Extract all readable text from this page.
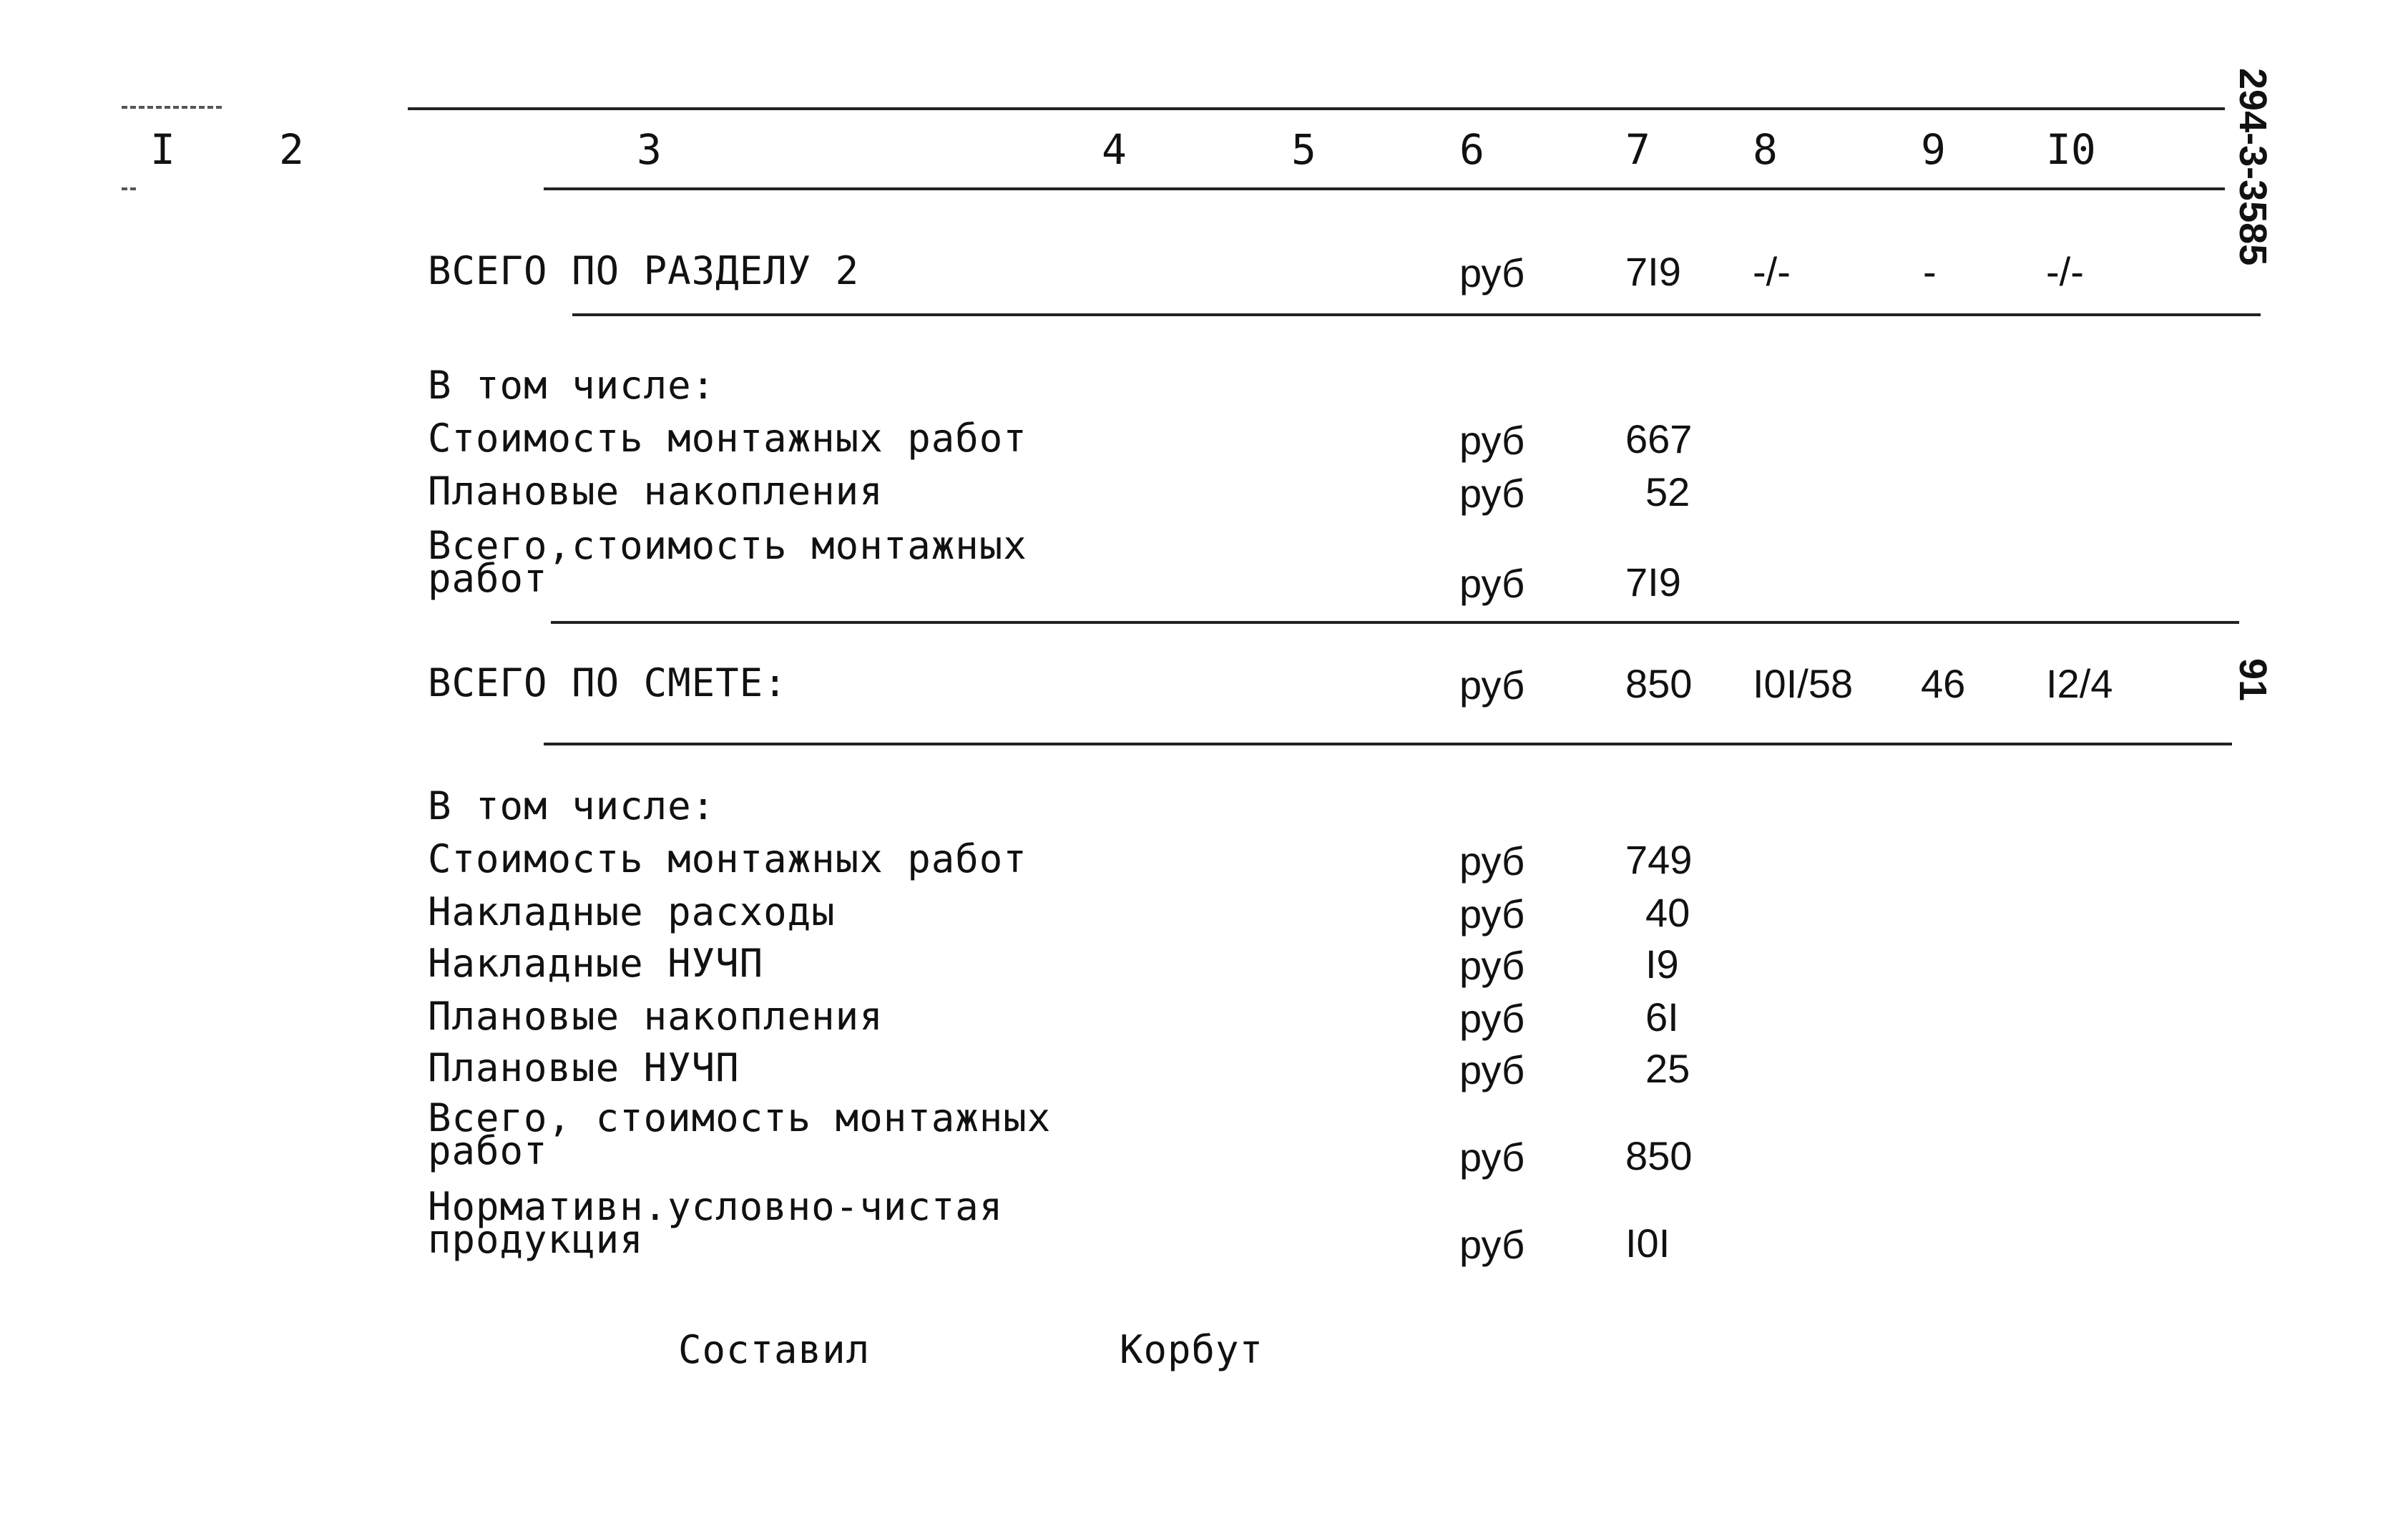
I	2	3	4	5	6	7 8	9 I0	294-3-3585
91
ВСЕГО ПО РАЗДЕЛУ 2	руб	7I9 -/-	-	-/-
В том числе:
Стоимость монтажных работ	руб	667
Плановые накопления	руб	52
Всего,стоимость монтажных
работ	руб	7I9
ВСЕГО ПО СМЕТЕ:	руб	850 I0I/58 46 I2/4
В том числе:
Стоимость монтажных работ	руб	749
Накладные расходы	руб	40
Накладные НУЧП	руб	I9
Плановые накопления	руб	6I
Плановые НУЧП	руб	25
Всего, стоимость монтажных
работ	руб	850
Нормативн.условно-чистая
продукция	руб	I0I
Составил	Корбут
